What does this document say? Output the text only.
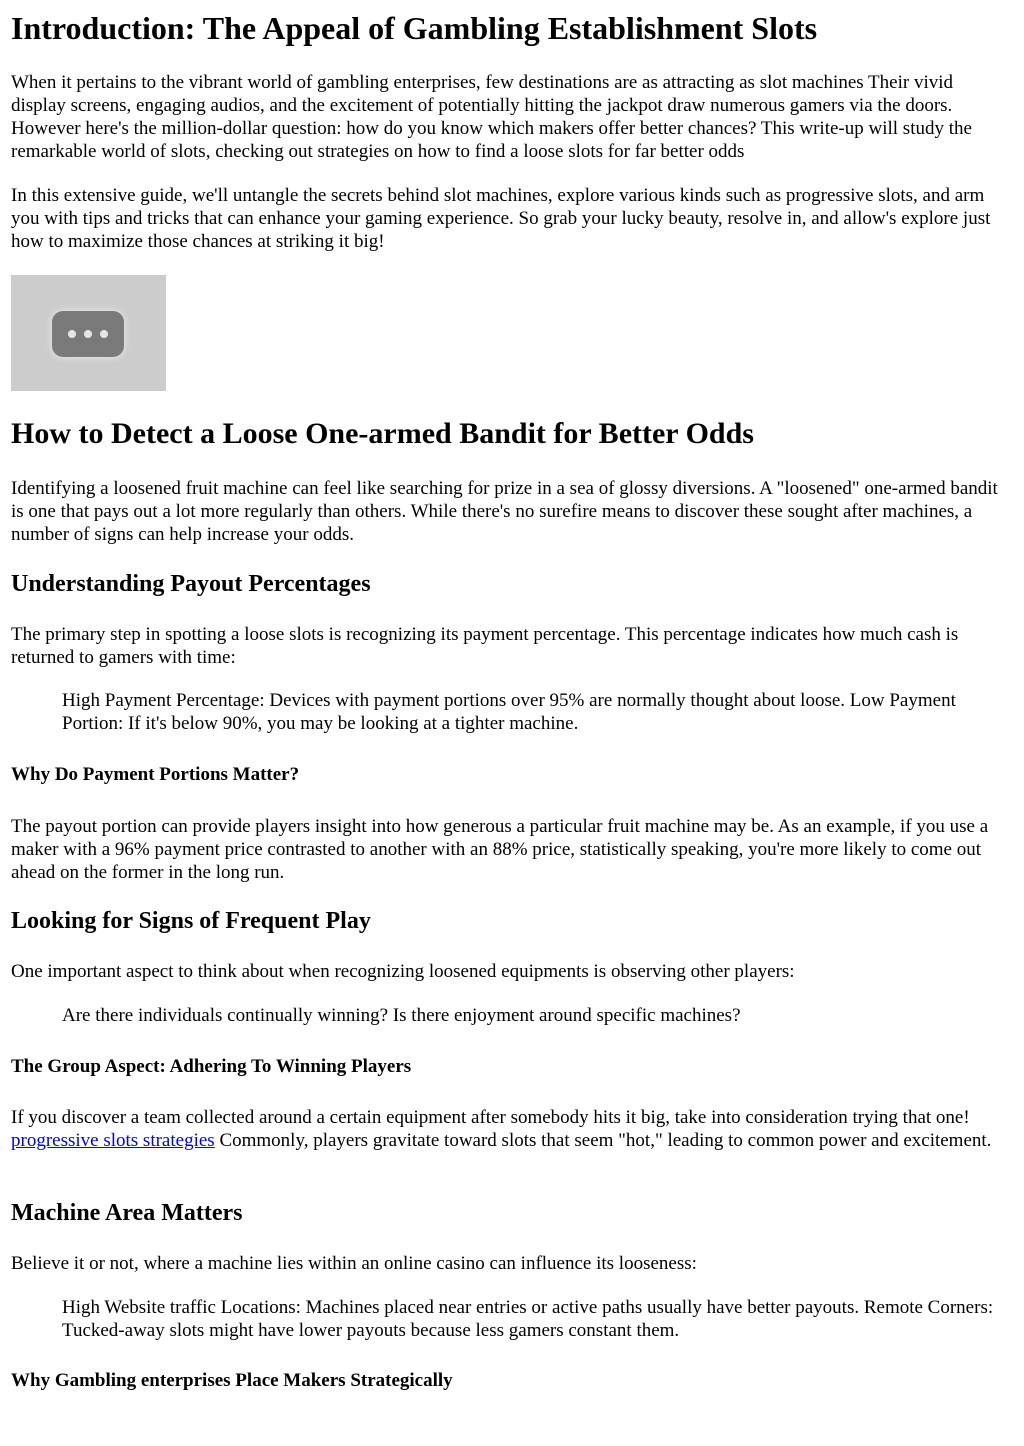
Introduction: The Appeal of Gambling Establishment Slots

When it pertains to the vibrant world of gambling enterprises, few destinations are as attracting as slot machines Their vivid display screens, engaging audios, and the excitement of potentially hitting the jackpot draw numerous gamers via the doors. However here's the million-dollar question: how do you know which makers offer better chances? This write-up will study the remarkable world of slots, checking out strategies on how to find a loose slots for far better odds

In this extensive guide, we'll untangle the secrets behind slot machines, explore various kinds such as progressive slots, and arm you with tips and tricks that can enhance your gaming experience. So grab your lucky beauty, resolve in, and allow's explore just how to maximize those chances at striking it big!

How to Detect a Loose One-armed Bandit for Better Odds

Identifying a loosened fruit machine can feel like searching for prize in a sea of glossy diversions. A "loosened" one-armed bandit is one that pays out a lot more regularly than others. While there's no surefire means to discover these sought after machines, a number of signs can help increase your odds.

Understanding Payout Percentages

The primary step in spotting a loose slots is recognizing its payment percentage. This percentage indicates how much cash is returned to gamers with time:

High Payment Percentage: Devices with payment portions over 95% are normally thought about loose. Low Payment Portion: If it's below 90%, you may be looking at a tighter machine.
Why Do Payment Portions Matter?

The payout portion can provide players insight into how generous a particular fruit machine may be. As an example, if you use a maker with a 96% payment price contrasted to another with an 88% price, statistically speaking, you're more likely to come out ahead on the former in the long run.

Looking for Signs of Frequent Play

One important aspect to think about when recognizing loosened equipments is observing other players:

Are there individuals continually winning? Is there enjoyment around specific machines?
The Group Aspect: Adhering To Winning Players

If you discover a team collected around a certain equipment after somebody hits it big, take into consideration trying that one! progressive slots strategies Commonly, players gravitate toward slots that seem "hot," leading to common power and excitement.

Machine Area Matters

Believe it or not, where a machine lies within an online casino can influence its looseness:

High Website traffic Locations: Machines placed near entries or active paths usually have better payouts. Remote Corners: Tucked-away slots might have lower payouts because less gamers constant them.
Why Gambling enterprises Place Makers Strategically
